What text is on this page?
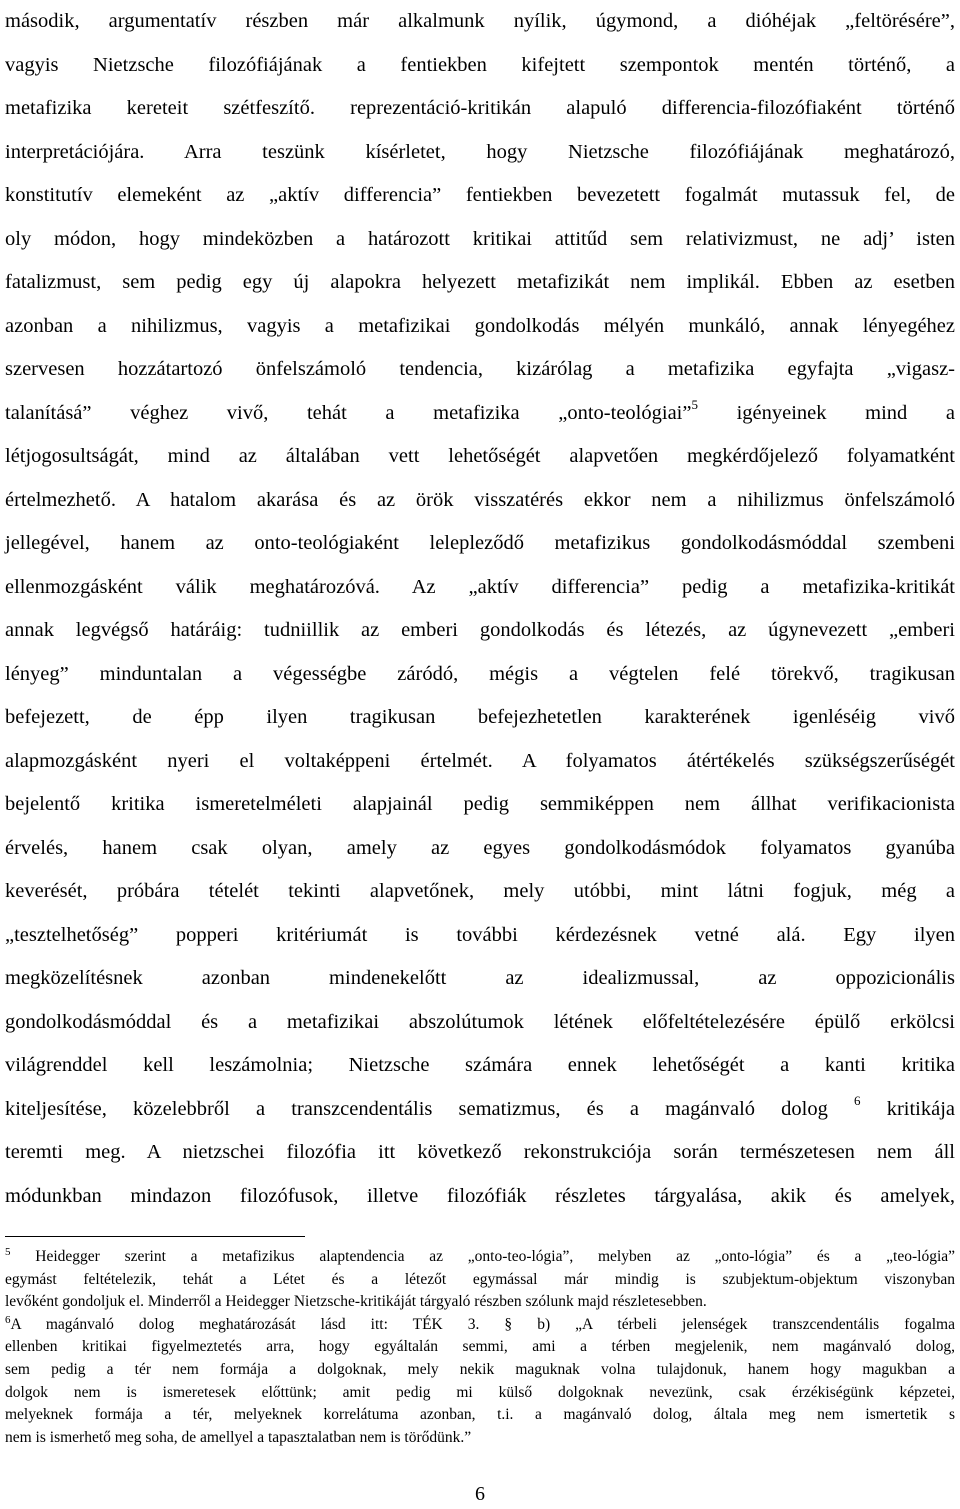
második, argumentatív részben már alkalmunk nyílik, úgymond, a dióhéjak „feltörésére”,
vagyis Nietzsche filozófiájának a fentiekben kifejtett szempontok mentén történő, a
metafizika kereteit szétfeszítő. reprezentáció-kritikán alapuló differencia-filozófiaként történő
interpretációjára. Arra teszünk kísérletet, hogy Nietzsche filozófiájának meghatározó,
konstitutív elemeként az „aktív differencia” fentiekben bevezetett fogalmát mutassuk fel, de
oly módon, hogy mindeközben a határozott kritikai attitűd sem relativizmust, ne adj’ isten
fatalizmust, sem pedig egy új alapokra helyezett metafizikát nem implikál. Ebben az esetben
azonban a nihilizmus, vagyis a metafizikai gondolkodás mélyén munkáló, annak lényegéhez
szervesen hozzátartozó önfelszámoló tendencia, kizárólag a metafizika egyfajta „vigasz-
talanításá” véghez vivő, tehát a metafizika „onto-teológiai”$^5$ igényeinek mind a
létjogosultságát, mind az általában vett lehetőségét alapvetően megkérdőjelező folyamatként
értelmezhető. A hatalom akarása és az örök visszatérés ekkor nem a nihilizmus önfelszámoló
jellegével, hanem az onto-teológiaként lelepleződő metafizikus gondolkodásmóddal szembeni
ellenmozgásként válik meghatározóvá. Az „aktív differencia” pedig a metafizika-kritikát
annak legvégső határáig: tudniillik az emberi gondolkodás és létezés, az úgynevezett „emberi
lényeg” minduntalan a végességbe záródó, mégis a végtelen felé törekvő, tragikusan
befejezett, de épp ilyen tragikusan befejezhetetlen karakterének igenléséig vivő
alapmozgásként nyeri el voltaképpeni értelmét. A folyamatos átértékelés szükségszerűségét
bejelentő kritika ismeretelméleti alapjainál pedig semmiképpen nem állhat verifikacionista
érvelés, hanem csak olyan, amely az egyes gondolkodásmódok folyamatos gyanúba
keverését, próbára tételét tekinti alapvetőnek, mely utóbbi, mint látni fogjuk, még a
„tesztelhetőség” popperi kritériumát is további kérdezésnek vetné alá. Egy ilyen
megközelítésnek azonban mindenekelőtt az idealizmussal, az oppozicionális
gondolkodásmóddal és a metafizikai abszolútumok létének előfeltételezésére épülő erkölcsi
világrenddel kell leszámolnia; Nietzsche számára ennek lehetőségét a kanti kritika
kiteljesítése, közelebbről a transzcendentális sematizmus, és a magánvaló dolog $^6$ kritikája
teremti meg. A nietzschei filozófia itt következő rekonstrukciója során természetesen nem áll
módunkban mindazon filozófusok, illetve filozófiák részletes tárgyalása, akik és amelyek,
$^5$ Heidegger szerint a metafizikus alaptendencia az „onto-teo-lógia”, melyben az „onto-lógia” és a „teo-lógia”
egymást feltételezik, tehát a Létet és a létezőt egymással már mindig is szubjektum-objektum viszonyban
levőként gondoljuk el. Minderről a Heidegger Nietzsche-kritikáját tárgyaló részben szólunk majd részletesebben.
$^6$A magánvaló dolog meghatározását lásd itt: TÉK 3. § b) „A térbeli jelenségek transzcendentális fogalma
ellenben kritikai figyelmeztetés arra, hogy egyáltalán semmi, ami a térben megjelenik, nem magánvaló dolog,
sem pedig a tér nem formája a dolgoknak, mely nekik maguknak volna tulajdonuk, hanem hogy magukban a
dolgok nem is ismeretesek előttünk; amit pedig mi külső dolgoknak nevezünk, csak érzékiségünk képzetei,
melyeknek formája a tér, melyeknek korrelátuma azonban, t.i. a magánvaló dolog, általa meg nem ismertetik s
nem is ismerhető meg soha, de amellyel a tapasztalatban nem is törődünk.”
6
